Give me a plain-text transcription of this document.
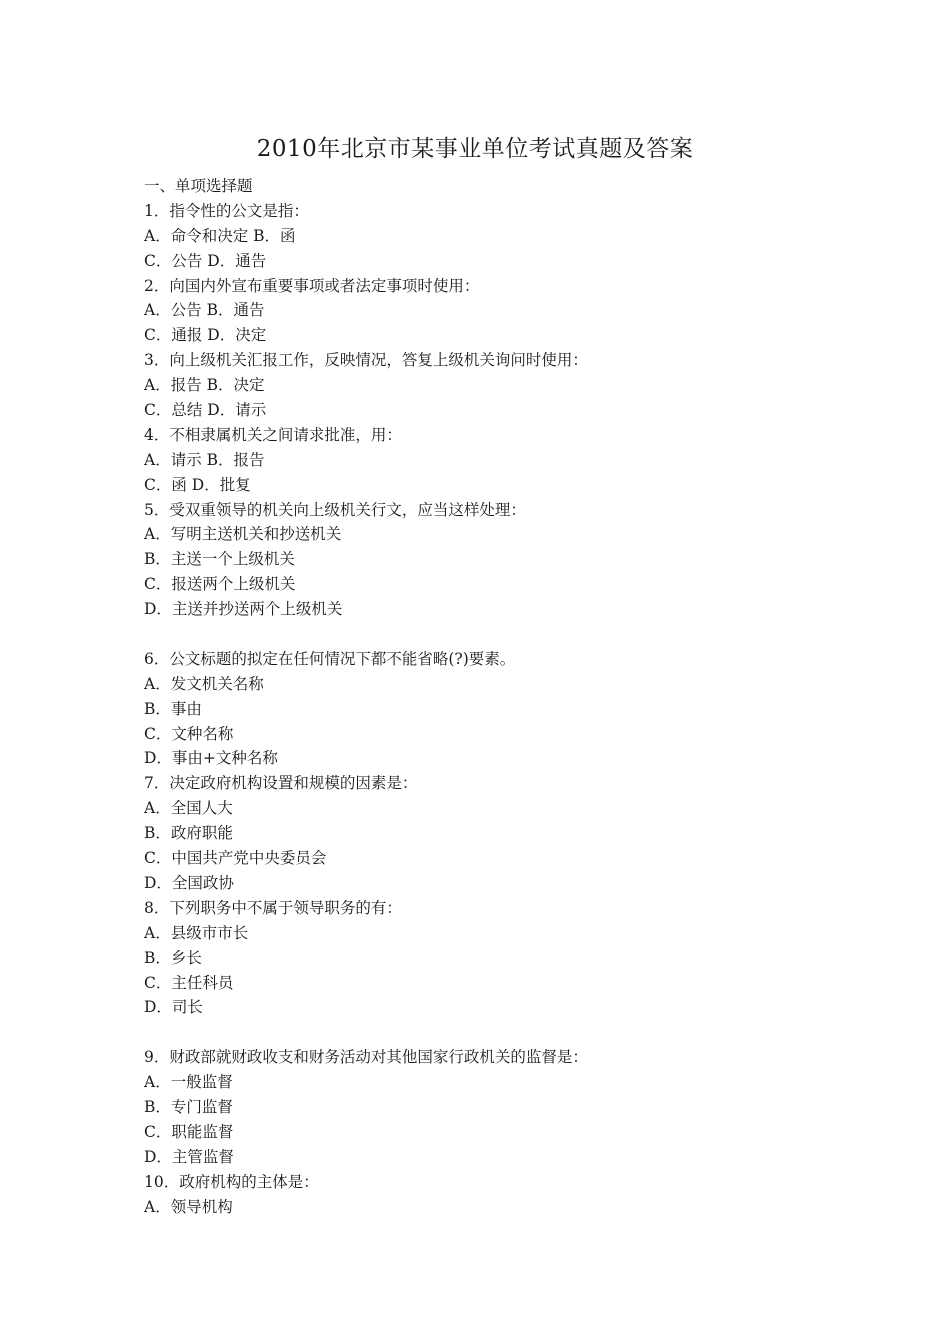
2010年北京市某事业单位考试真题及答案
一、单项选择题
1．指令性的公文是指：
A．命令和决定 B．函
C．公告 D．通告
2．向国内外宣布重要事项或者法定事项时使用：
A．公告 B．通告
C．通报 D．决定
3．向上级机关汇报工作，反映情况，答复上级机关询问时使用：
A．报告 B．决定
C．总结 D．请示
4．不相隶属机关之间请求批准，用：
A．请示 B．报告
C．函 D．批复
5．受双重领导的机关向上级机关行文，应当这样处理：
A．写明主送机关和抄送机关
B．主送一个上级机关
C．报送两个上级机关
D．主送并抄送两个上级机关
6．公文标题的拟定在任何情况下都不能省略(?)要素。
A．发文机关名称
B．事由
C．文种名称
D．事由+文种名称
7．决定政府机构设置和规模的因素是：
A．全国人大
B．政府职能
C．中国共产党中央委员会
D．全国政协
8．下列职务中不属于领导职务的有：
A．县级市市长
B．乡长
C．主任科员
D．司长
9．财政部就财政收支和财务活动对其他国家行政机关的监督是：
A．一般监督
B．专门监督
C．职能监督
D．主管监督
10．政府机构的主体是：
A．领导机构
